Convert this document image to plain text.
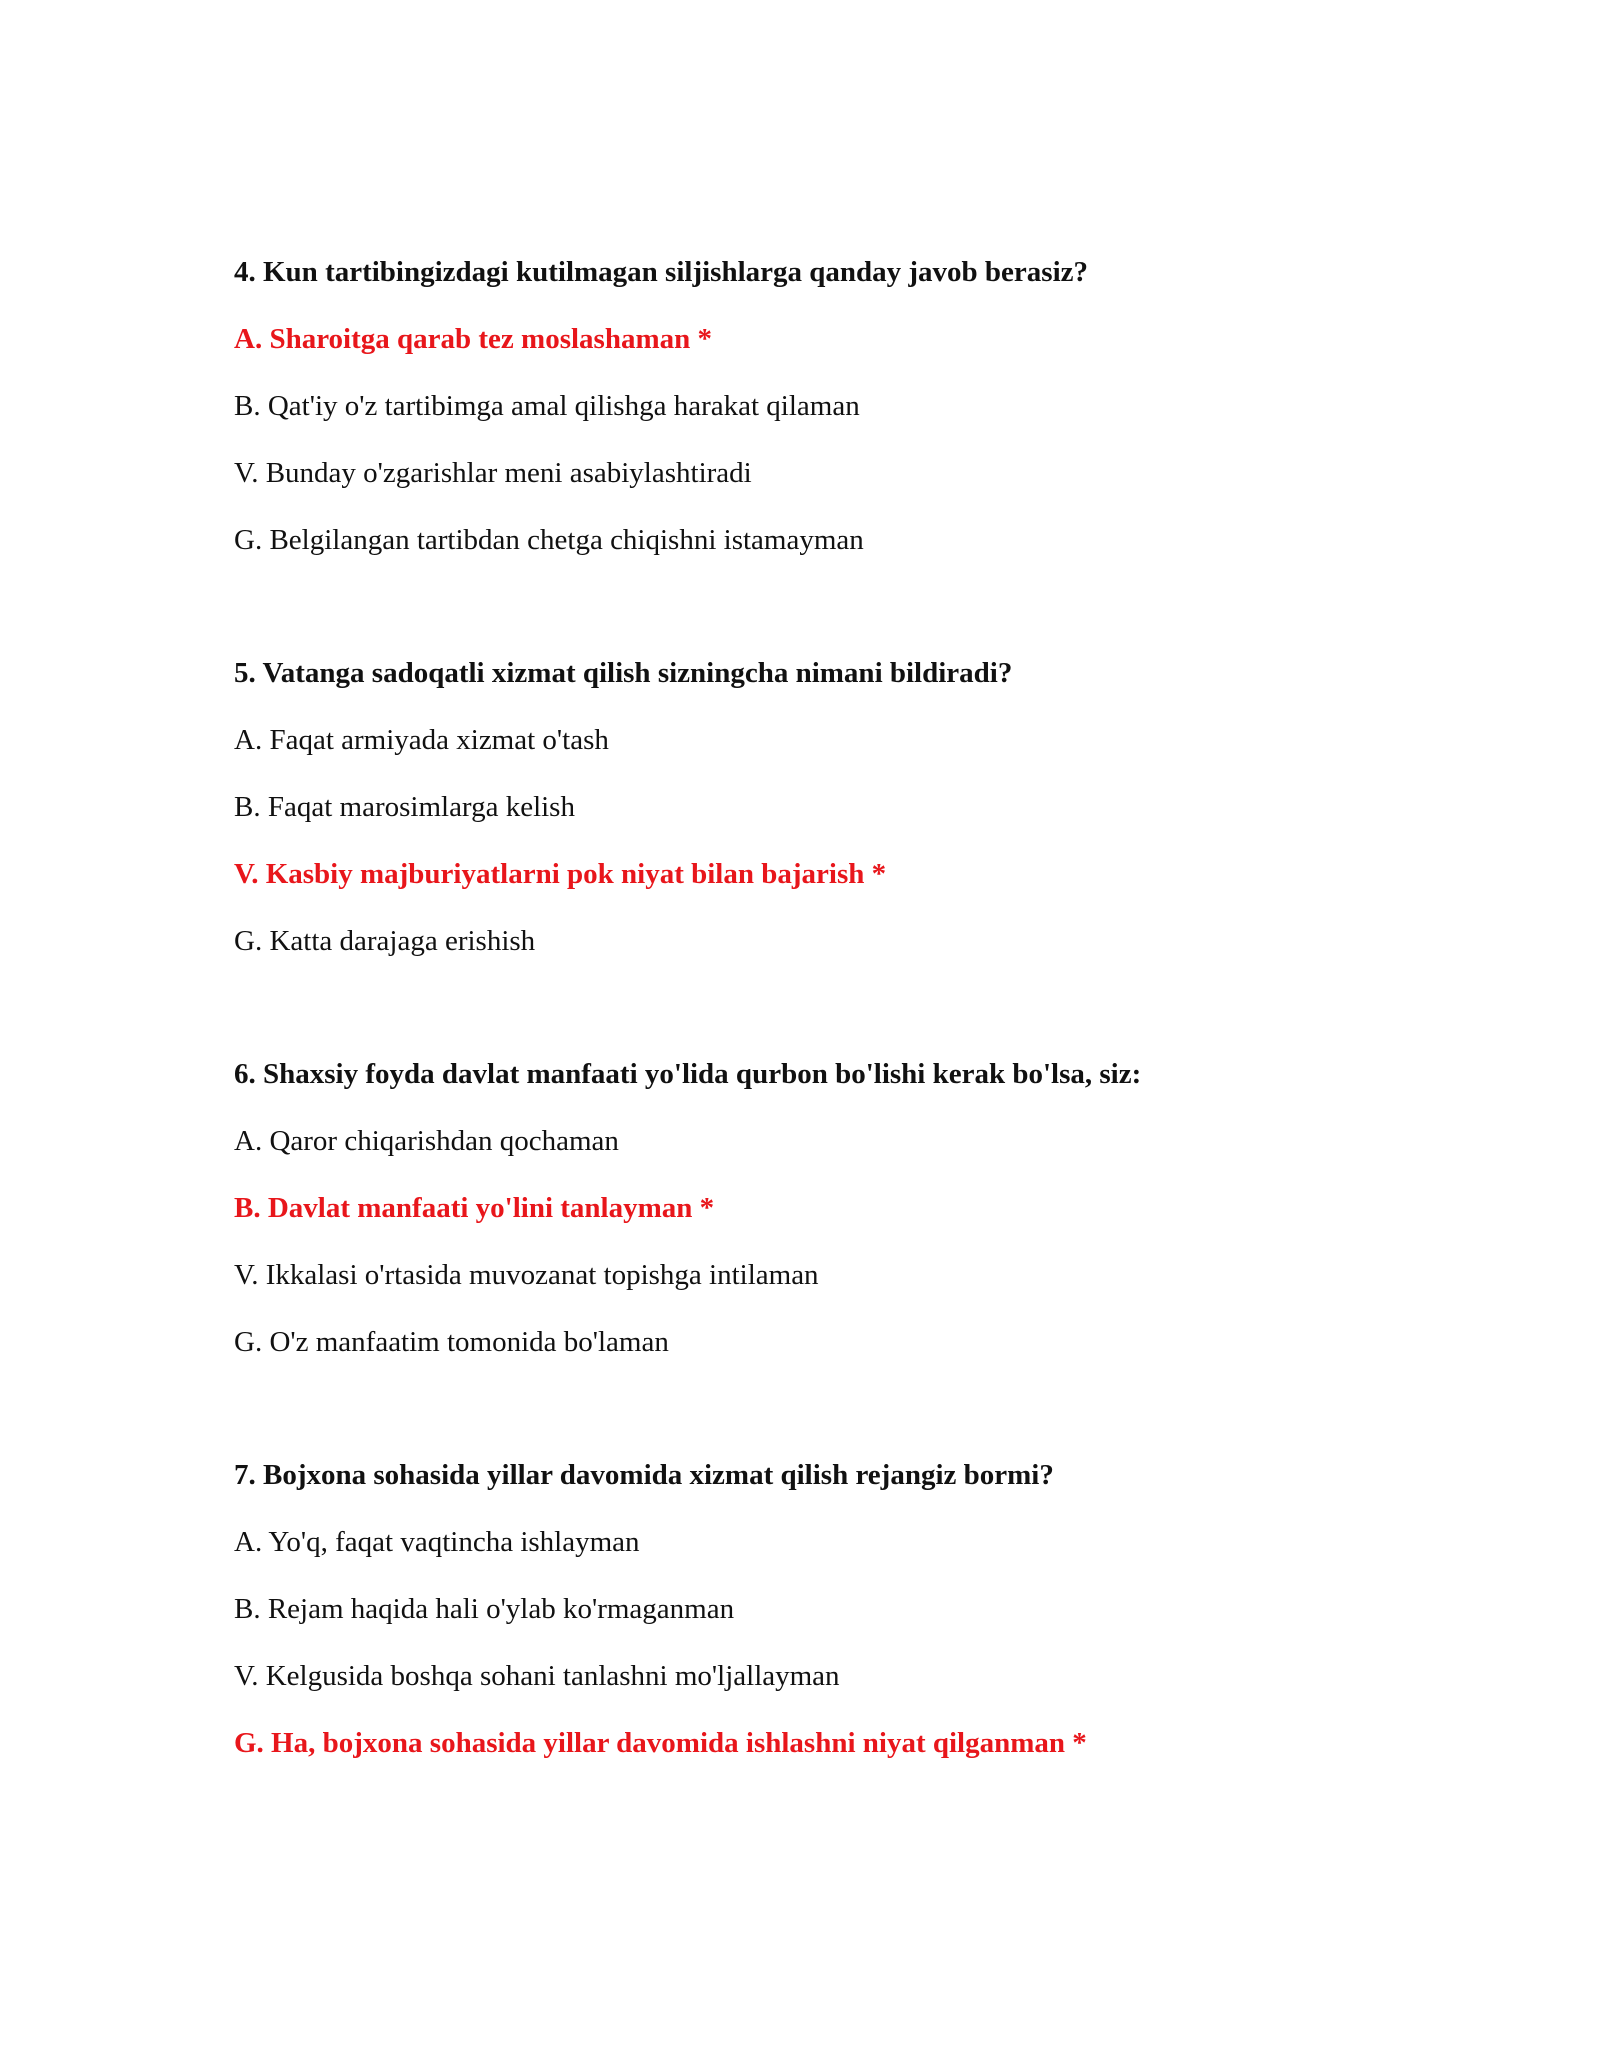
4. Kun tartibingizdagi kutilmagan siljishlarga qanday javob berasiz?

A. Sharoitga qarab tez moslashaman *
B. Qat'iy o'z tartibimga amal qilishga harakat qilaman
V. Bunday o'zgarishlar meni asabiylashtiradi
G. Belgilangan tartibdan chetga chiqishni istamayman

5. Vatanga sadoqatli xizmat qilish sizningcha nimani bildiradi?

A. Faqat armiyada xizmat o'tash
B. Faqat marosimlarga kelish
V. Kasbiy majburiyatlarni pok niyat bilan bajarish *
G. Katta darajaga erishish

6. Shaxsiy foyda davlat manfaati yo'lida qurbon bo'lishi kerak bo'lsa, siz:

A. Qaror chiqarishdan qochaman
B. Davlat manfaati yo'lini tanlayman *
V. Ikkalasi o'rtasida muvozanat topishga intilaman
G. O'z manfaatim tomonida bo'laman

7. Bojxona sohasida yillar davomida xizmat qilish rejangiz bormi?

A. Yo'q, faqat vaqtincha ishlayman
B. Rejam haqida hali o'ylab ko'rmaganman
V. Kelgusida boshqa sohani tanlashni mo'ljallayman
G. Ha, bojxona sohasida yillar davomida ishlashni niyat qilganman *
